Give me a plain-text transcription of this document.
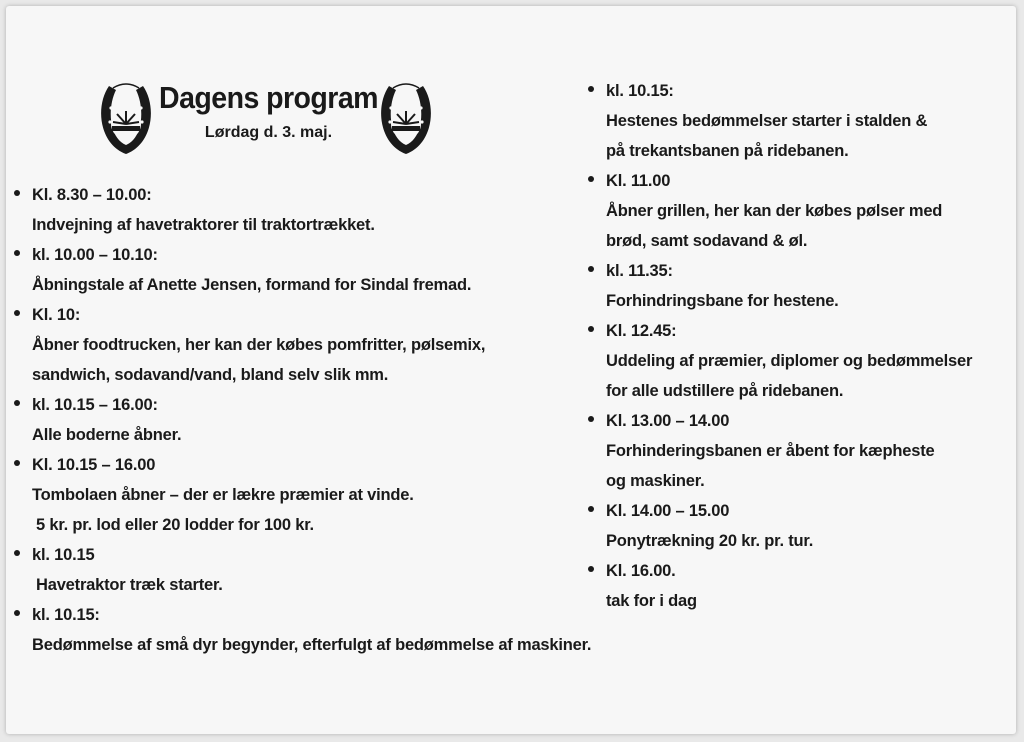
Dagens program
Lørdag d. 3. maj.
Kl. 8.30 – 10.00:
Indvejning af havetraktorer til traktortrækket.
kl. 10.00 – 10.10:
Åbningstale af Anette Jensen, formand for Sindal fremad.
Kl. 10:
Åbner foodtrucken, her kan der købes pomfritter, pølsemix,
sandwich, sodavand/vand, bland selv slik mm.
kl. 10.15 – 16.00:
Alle boderne åbner.
Kl. 10.15 – 16.00
Tombolaen åbner – der er lækre præmier at vinde.
5 kr. pr. lod eller 20 lodder for 100 kr.
kl. 10.15
Havetraktor træk starter.
kl. 10.15:
Bedømmelse af små dyr begynder, efterfulgt af bedømmelse af maskiner.
kl. 10.15:
Hestenes bedømmelser starter i stalden &
på trekantsbanen på ridebanen.
Kl. 11.00
Åbner grillen, her kan der købes pølser med
brød, samt sodavand & øl.
kl. 11.35:
Forhindringsbane for hestene.
Kl. 12.45:
Uddeling af præmier, diplomer og bedømmelser
for alle udstillere på ridebanen.
Kl. 13.00 – 14.00
Forhinderingsbanen er åbent for kæpheste
og maskiner.
Kl. 14.00 – 15.00
Ponytrækning 20 kr. pr. tur.
Kl. 16.00.
tak for i dag
